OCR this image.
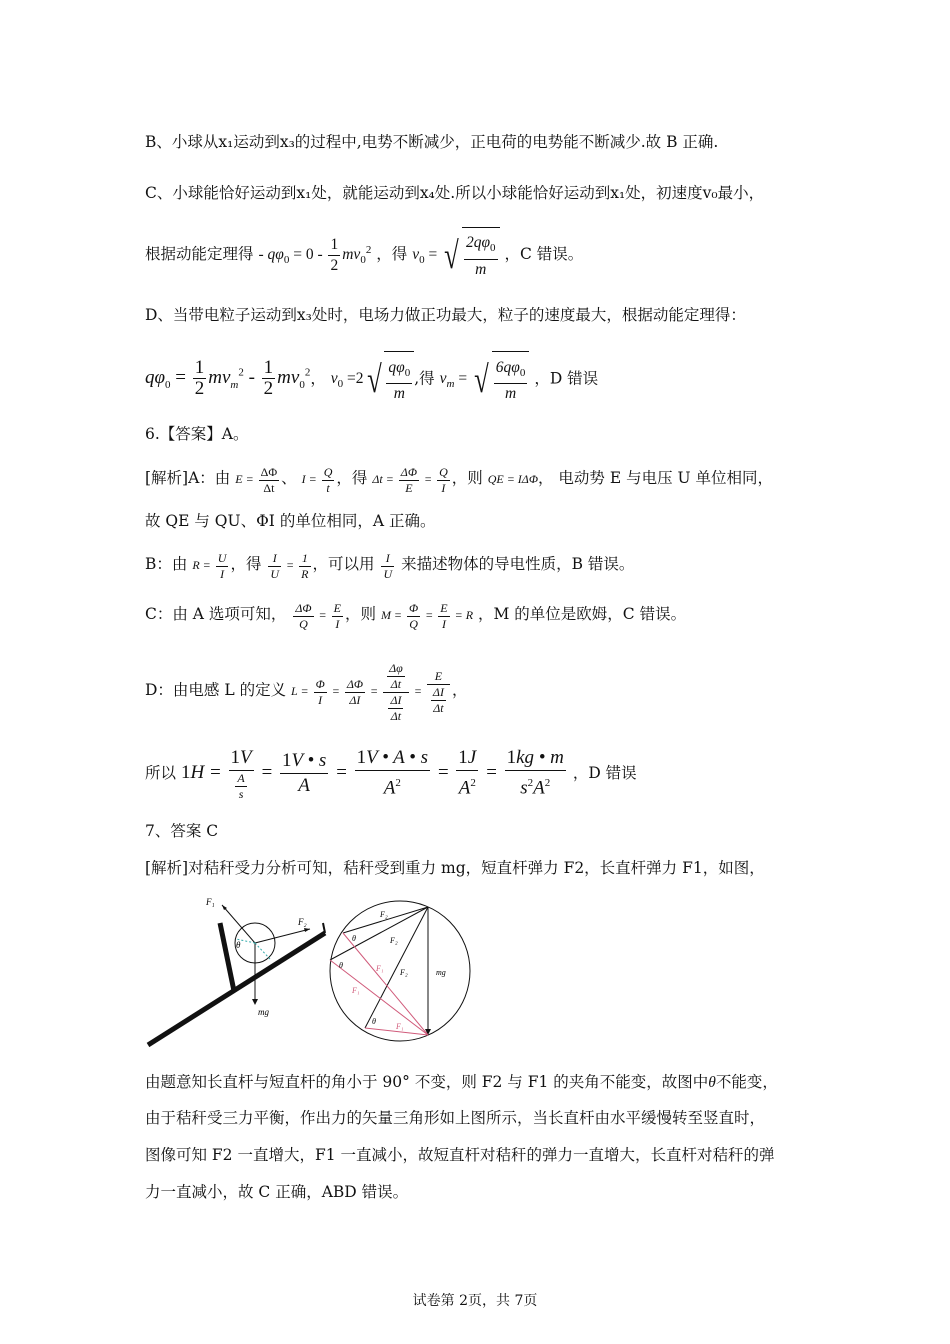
B、小球从x₁运动到x₃的过程中,电势不断减少，正电荷的电势能不断减少.故 B 正确.
C、小球能恰好运动到x₁处，就能运动到x₄处.所以小球能恰好运动到x₁处，初速度v₀最小，
根据动能定理得 - $q\varphi_0 = 0 - \frac{1}{2} mv_0^2$ ，得 $v_0$ = √ $\frac{2q\varphi_0}{m}$ ，C 错误。
D、当带电粒子运动到x₃处时，电场力做正功最大，粒子的速度最大，根据动能定理得：
$q\varphi_0 = \frac{1}{2} mv_m^2 - \frac{1}{2} mv_0^2$， $v_0 =2√ \frac{q\varphi_0}{m}$ ,得 $v_m$ = √ $\frac{6q\varphi_0}{m}$ ，D 错误
6.【答案】A。
[解析]A：由 $E = \frac{\Delta\Phi}{\Delta t}$ 、 $I = \frac{Q}{t}$ ，得 $\Delta t = \frac{\Delta\Phi}{E} = \frac{Q}{I}$ ，则 QE = IΔΦ， 电动势 E 与电压 U 单位相同，
故 QE 与 QU、ΦI 的单位相同，A 正确。
B：由 $R = \frac{U}{I}$ ，得 $\frac{I}{U} = \frac{1}{R}$ ，可以用 $\frac{I}{U}$ 来描述物体的导电性质，B 错误。
C：由 A 选项可知， $\frac{\Delta\Phi}{Q} = \frac{E}{I}$ ，则 $M = \frac{\Phi}{Q} = \frac{E}{I} = R$ ，M 的单位是欧姆，C 错误。
D：由电感 L 的定义 $L = \frac{\Phi}{I} = \frac{\Delta\Phi}{\Delta I} = \frac{\frac{\Delta\varphi}{\Delta t}}{\frac{\Delta I}{\Delta t}} = \frac{E}{\frac{\Delta I}{\Delta t}}$ ，
所以 $1H = \frac{1V}{\frac{A}{s}} = \frac{1V • s}{A} = \frac{1V • A • s}{A^2} = \frac{1J}{A^2} = \frac{1kg • m}{s^2A^2}$ ，D 错误
7、答案 C
[解析]对秸秆受力分析可知，秸秆受到重力 mg，短直杆弹力 F2，长直杆弹力 F1，如图，
F₁
F₂
θ
mg
F₂
F₂
F₂
F₁
F₁
F₁
θ
θ
θ
mg
由题意知长直杆与短直杆的角小于 90° 不变，则 F2 与 F1 的夹角不能变，故图中θ不能变，
由于秸秆受三力平衡，作出力的矢量三角形如上图所示，当长直杆由水平缓慢转至竖直时，
图像可知 F2 一直增大，F1 一直减小，故短直杆对秸秆的弹力一直增大，长直杆对秸秆的弹
力一直减小，故 C 正确，ABD 错误。
试卷第 2页，共 7页
